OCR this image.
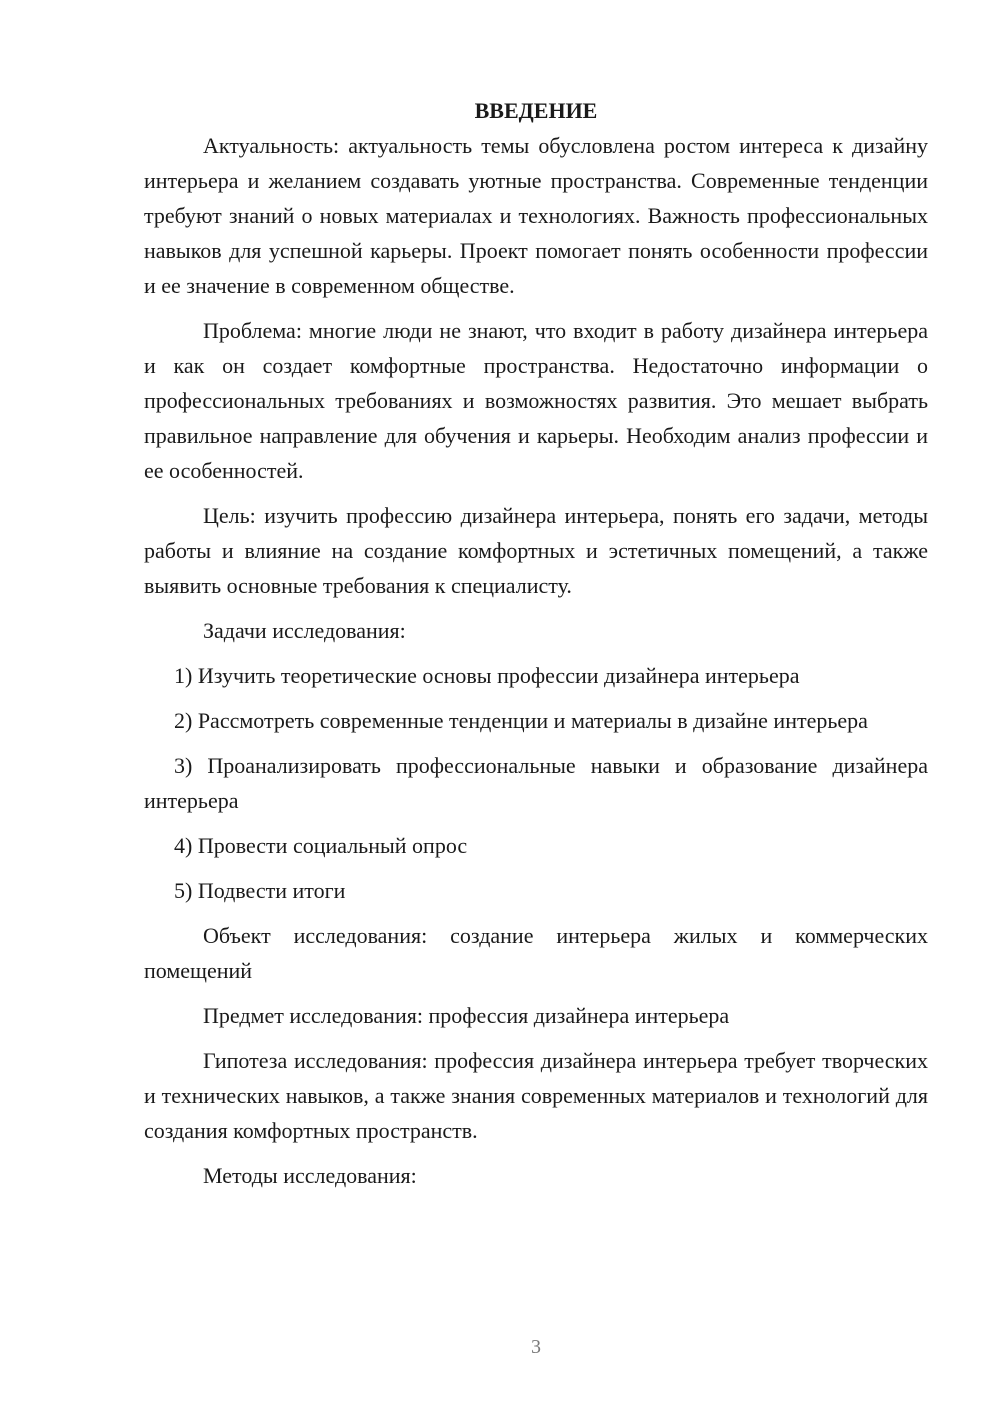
ВВЕДЕНИЕ

Актуальность: актуальность темы обусловлена ростом интереса к дизайну интерьера и желанием создавать уютные пространства. Современные тенденции требуют знаний о новых материалах и технологиях. Важность профессиональных навыков для успешной карьеры. Проект помогает понять особенности профессии и ее значение в современном обществе.

Проблема: многие люди не знают, что входит в работу дизайнера интерьера и как он создает комфортные пространства. Недостаточно информации о профессиональных требованиях и возможностях развития. Это мешает выбрать правильное направление для обучения и карьеры. Необходим анализ профессии и ее особенностей.

Цель: изучить профессию дизайнера интерьера, понять его задачи, методы работы и влияние на создание комфортных и эстетичных помещений, а также выявить основные требования к специалисту.

Задачи исследования:

1) Изучить теоретические основы профессии дизайнера интерьера

2) Рассмотреть современные тенденции и материалы в дизайне интерьера

3) Проанализировать профессиональные навыки и образование дизайнера интерьера

4) Провести социальный опрос

5) Подвести итоги

Объект исследования: создание интерьера жилых и коммерческих помещений

Предмет исследования: профессия дизайнера интерьера

Гипотеза исследования: профессия дизайнера интерьера требует творческих и технических навыков, а также знания современных материалов и технологий для создания комфортных пространств.

Методы исследования:

3
